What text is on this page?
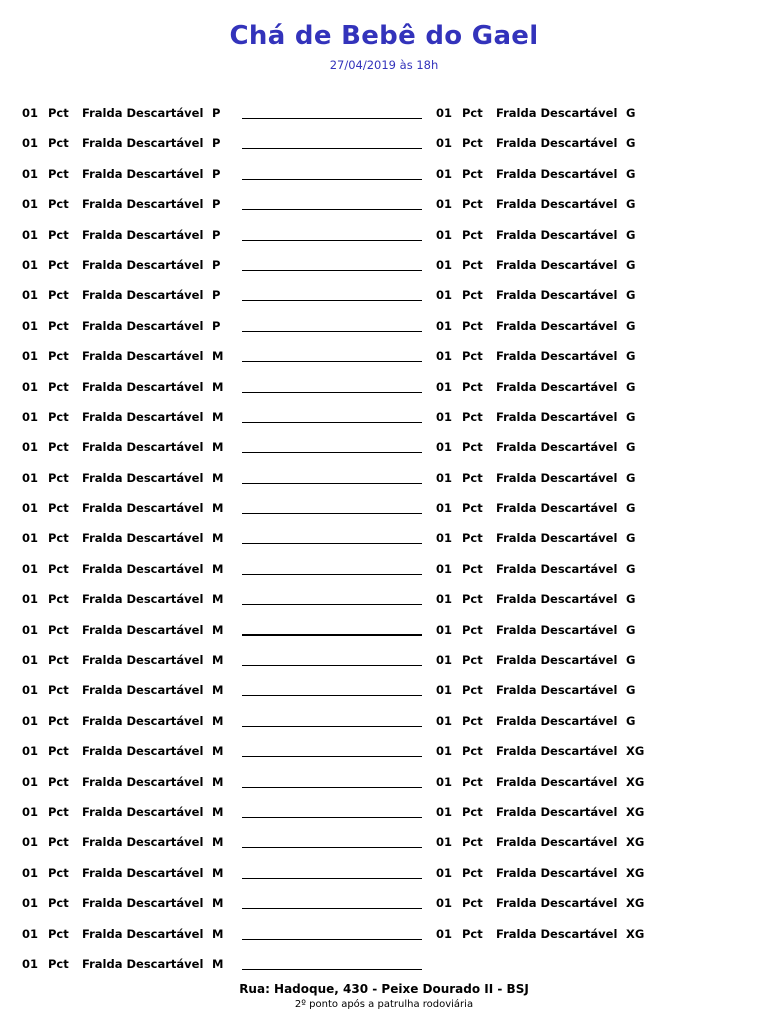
Chá de Bebê do Gael
27/04/2019 às 18h
01 Pct	Fralda Descartável P
01 Pct	Fralda Descartável P
01 Pct	Fralda Descartável P
01 Pct	Fralda Descartável P
01 Pct	Fralda Descartável P
01 Pct	Fralda Descartável P
01 Pct	Fralda Descartável P
01 Pct	Fralda Descartável P
01 Pct	Fralda Descartável M
01 Pct	Fralda Descartável M
01 Pct	Fralda Descartável M
01 Pct	Fralda Descartável M
01 Pct	Fralda Descartável M
01 Pct	Fralda Descartável M
01 Pct	Fralda Descartável M
01 Pct	Fralda Descartável M
01 Pct	Fralda Descartável M
01 Pct	Fralda Descartável M
01 Pct	Fralda Descartável M
01 Pct	Fralda Descartável M
01 Pct	Fralda Descartável M
01 Pct	Fralda Descartável M
01 Pct	Fralda Descartável M
01 Pct	Fralda Descartável M
01 Pct	Fralda Descartável M
01 Pct	Fralda Descartável M
01 Pct	Fralda Descartável M
01 Pct	Fralda Descartável M
01 Pct	Fralda Descartável M
01 Pct	Fralda Descartável G
01 Pct	Fralda Descartável G
01 Pct	Fralda Descartável G
01 Pct	Fralda Descartável G
01 Pct	Fralda Descartável G
01 Pct	Fralda Descartável G
01 Pct	Fralda Descartável G
01 Pct	Fralda Descartável G
01 Pct	Fralda Descartável G
01 Pct	Fralda Descartável G
01 Pct	Fralda Descartável G
01 Pct	Fralda Descartável G
01 Pct	Fralda Descartável G
01 Pct	Fralda Descartável G
01 Pct	Fralda Descartável G
01 Pct	Fralda Descartável G
01 Pct	Fralda Descartável G
01 Pct	Fralda Descartável G
01 Pct	Fralda Descartável G
01 Pct	Fralda Descartável G
01 Pct	Fralda Descartável G
01 Pct	Fralda Descartável XG
01 Pct	Fralda Descartável XG
01 Pct	Fralda Descartável XG
01 Pct	Fralda Descartável XG
01 Pct	Fralda Descartável XG
01 Pct	Fralda Descartável XG
01 Pct	Fralda Descartável XG
Rua: Hadoque, 430 - Peixe Dourado II - BSJ
2º ponto após a patrulha rodoviária
